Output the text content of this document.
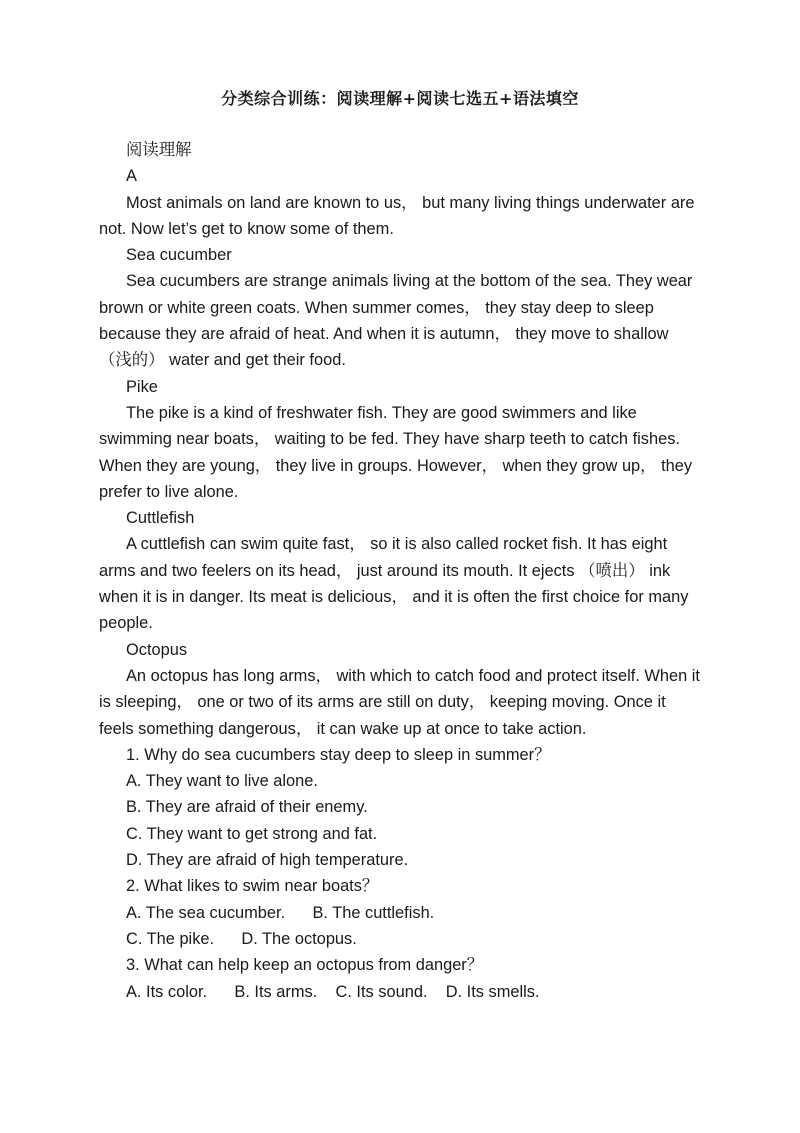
分类综合训练：阅读理解+阅读七选五+语法填空

阅读理解

A

Most animals on land are known to us， but many living things underwater are not. Now let’s get to know some of them.

Sea cucumber

Sea cucumbers are strange animals living at the bottom of the sea. They wear brown or white green coats. When summer comes， they stay deep to sleep because they are afraid of heat. And when it is autumn， they move to shallow （浅的） water and get their food.

Pike

The pike is a kind of freshwater fish. They are good swimmers and like swimming near boats， waiting to be fed. They have sharp teeth to catch fishes. When they are young， they live in groups. However， when they grow up， they prefer to live alone.

Cuttlefish

A cuttlefish can swim quite fast， so it is also called rocket fish. It has eight arms and two feelers on its head， just around its mouth. It ejects （喷出） ink when it is in danger. Its meat is delicious， and it is often the first choice for many people.

Octopus

An octopus has long arms， with which to catch food and protect itself. When it is sleeping， one or two of its arms are still on duty， keeping moving. Once it feels something dangerous， it can wake up at once to take action.

1. Why do sea cucumbers stay deep to sleep in summer？

A. They want to live alone.

B. They are afraid of their enemy.

C. They want to get strong and fat.

D. They are afraid of high temperature.

2. What likes to swim near boats？

A. The sea cucumber.      B. The cuttlefish.

C. The pike.      D. The octopus.

3. What can help keep an octopus from danger？

A. Its color.      B. Its arms.    C. Its sound.    D. Its smells.
